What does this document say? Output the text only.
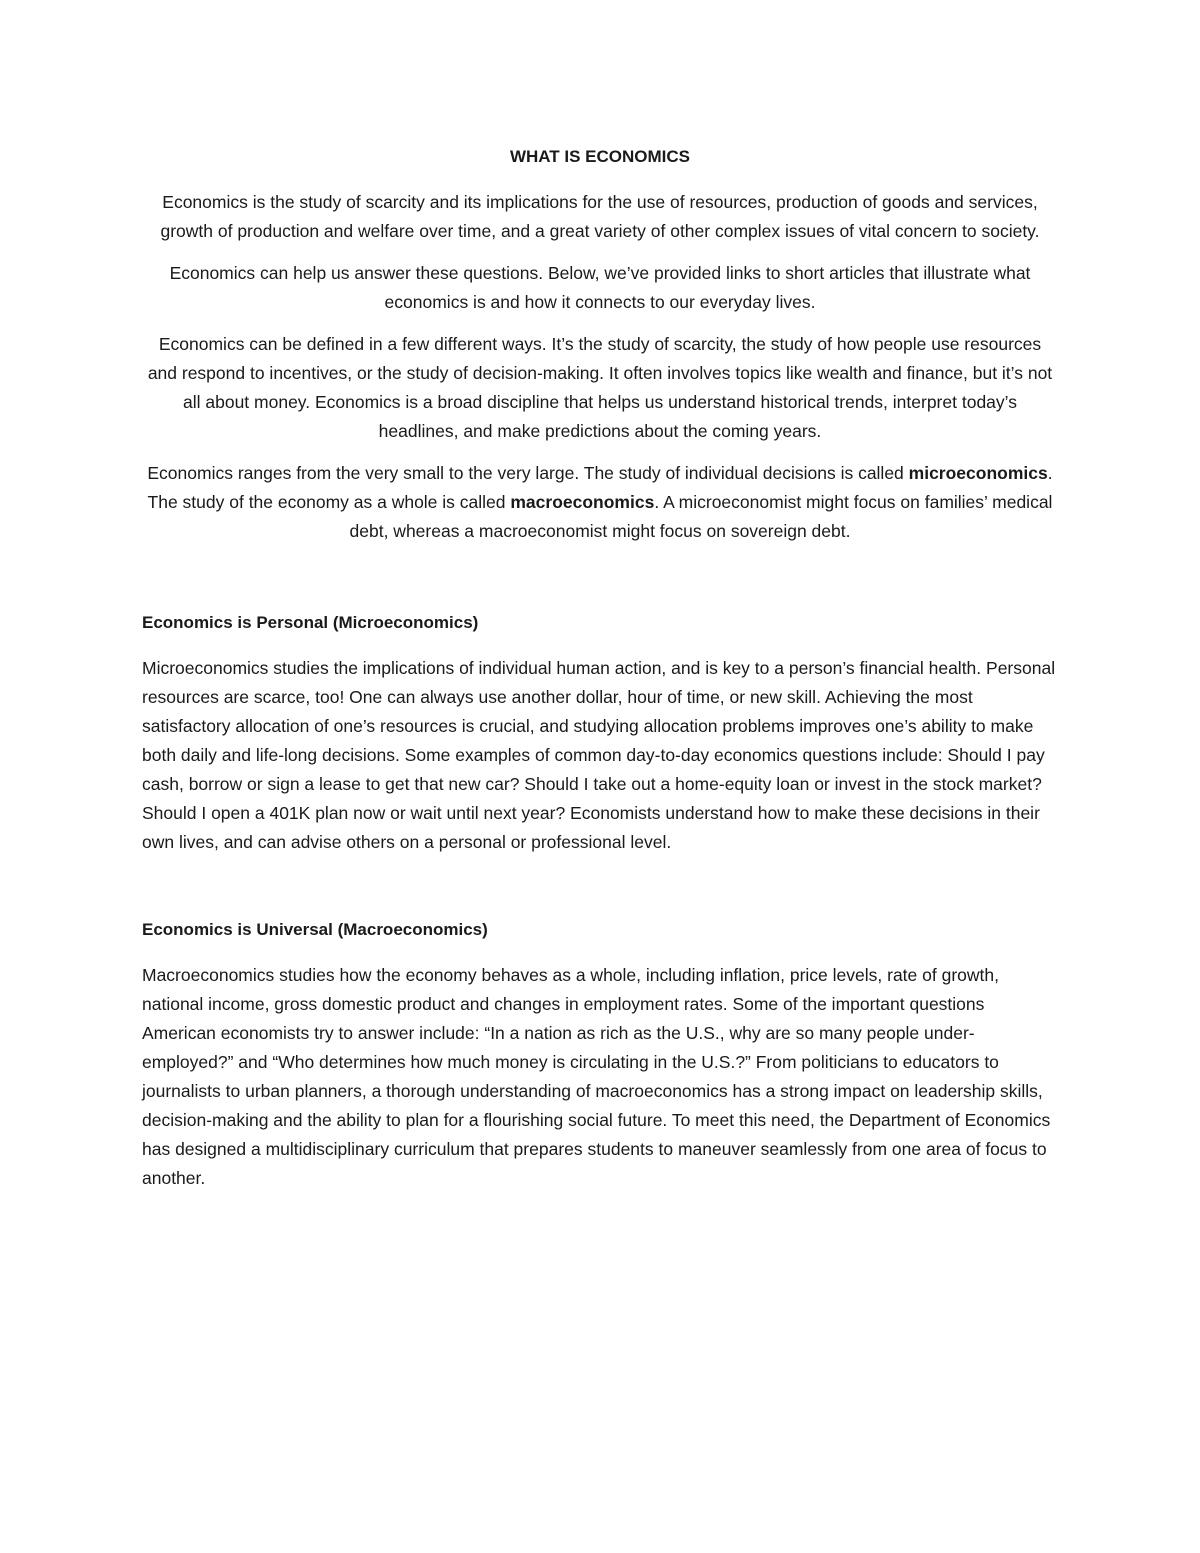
WHAT IS ECONOMICS

Economics is the study of scarcity and its implications for the use of resources, production of goods and services, growth of production and welfare over time, and a great variety of other complex issues of vital concern to society.

Economics can help us answer these questions. Below, we’ve provided links to short articles that illustrate what economics is and how it connects to our everyday lives.

Economics can be defined in a few different ways. It’s the study of scarcity, the study of how people use resources and respond to incentives, or the study of decision-making. It often involves topics like wealth and finance, but it’s not all about money. Economics is a broad discipline that helps us understand historical trends, interpret today’s headlines, and make predictions about the coming years.

Economics ranges from the very small to the very large. The study of individual decisions is called microeconomics. The study of the economy as a whole is called macroeconomics. A microeconomist might focus on families’ medical debt, whereas a macroeconomist might focus on sovereign debt.

Economics is Personal (Microeconomics)

Microeconomics studies the implications of individual human action, and is key to a person’s financial health. Personal resources are scarce, too! One can always use another dollar, hour of time, or new skill. Achieving the most satisfactory allocation of one’s resources is crucial, and studying allocation problems improves one’s ability to make both daily and life-long decisions. Some examples of common day-to-day economics questions include: Should I pay cash, borrow or sign a lease to get that new car? Should I take out a home-equity loan or invest in the stock market? Should I open a 401K plan now or wait until next year? Economists understand how to make these decisions in their own lives, and can advise others on a personal or professional level.

Economics is Universal (Macroeconomics)

Macroeconomics studies how the economy behaves as a whole, including inflation, price levels, rate of growth, national income, gross domestic product and changes in employment rates. Some of the important questions American economists try to answer include: “In a nation as rich as the U.S., why are so many people under-employed?” and “Who determines how much money is circulating in the U.S.?” From politicians to educators to journalists to urban planners, a thorough understanding of macroeconomics has a strong impact on leadership skills, decision-making and the ability to plan for a flourishing social future. To meet this need, the Department of Economics has designed a multidisciplinary curriculum that prepares students to maneuver seamlessly from one area of focus to another.
